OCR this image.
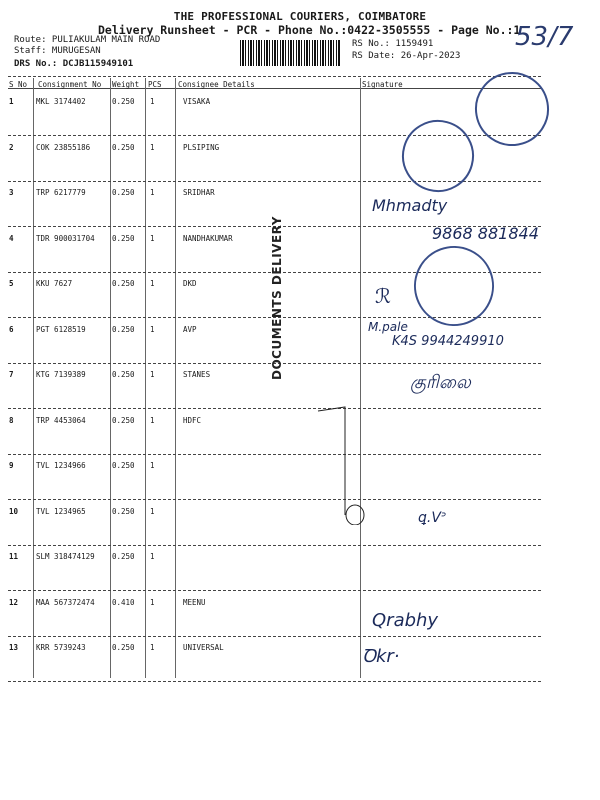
THE PROFESSIONAL COURIERS, COIMBATORE
Delivery Runsheet - PCR - Phone No.:0422-3505555 - Page No.:1
Route: PULIAKULAM MAIN ROAD
Staff: MURUGESAN
DRS No.: DCJB115949101
RS No.: 1159491
RS Date: 26-Apr-2023
53/7
S No Consignment No Weight PCS Consignee Details	Signature
1	MKL 3174402	0.250 1	VISAKA
2	COK 23855186	0.250 1	PLSIPING
3	TRP 6217779	0.250 1	SRIDHAR
4	TDR 900031704 0.250 1	NANDHAKUMAR
5	KKU 7627	0.250 1	DKD
6	PGT 6128519	0.250 1	AVP
7	KTG 7139389	0.250 1	STANES
8	TRP 4453064	0.250 1	HDFC
9	TVL 1234966	0.250 1
10 TVL 1234965	0.250 1
11 SLM 318474129 0.250 1
12 MAA 567372474 0.410 1	MEENU
13 KRR 5739243	0.250 1	UNIVERSAL
DOCUMENTS DELIVERY
Mhmadty
9868 881844
ℛ
M.pale
K4S 9944249910
குரிலை
ꝗ.ᐯᐣ
Qrabhy
Ꝺkr·
